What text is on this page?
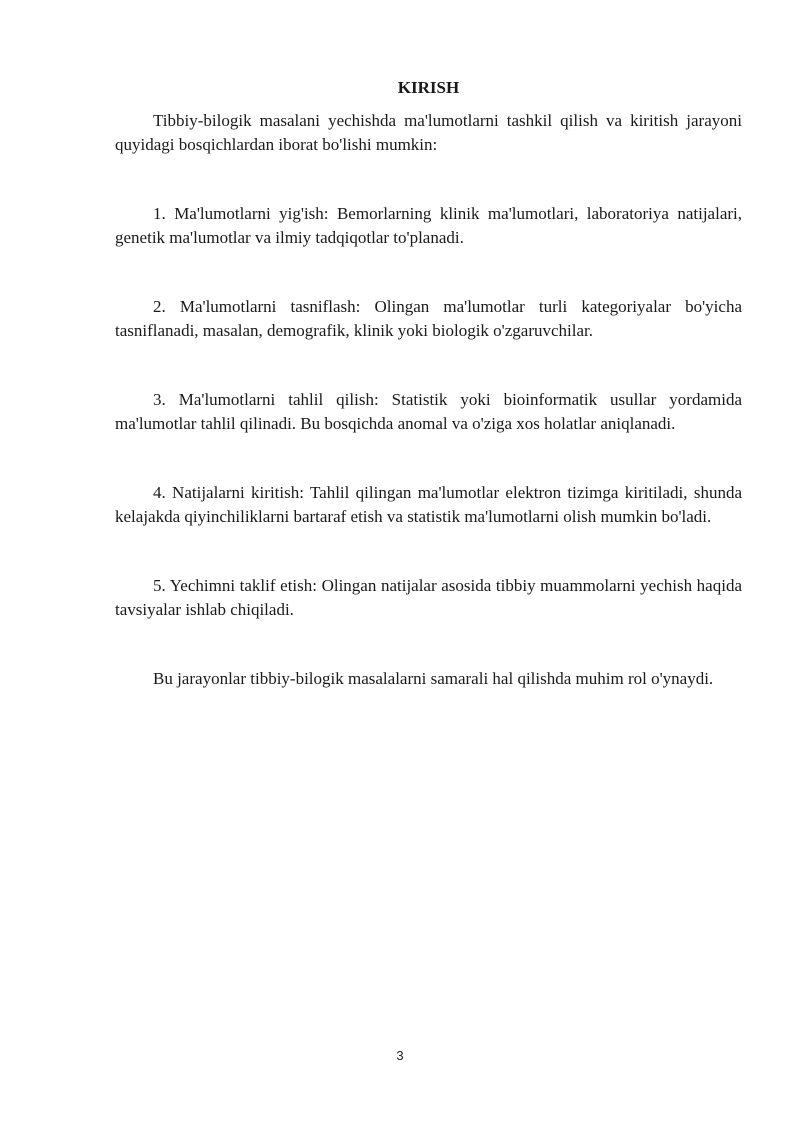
KIRISH

Tibbiy-bilogik masalani yechishda ma'lumotlarni tashkil qilish va kiritish jarayoni quyidagi bosqichlardan iborat bo'lishi mumkin:

1. Ma'lumotlarni yig'ish: Bemorlarning klinik ma'lumotlari, laboratoriya natijalari, genetik ma'lumotlar va ilmiy tadqiqotlar to'planadi.

2. Ma'lumotlarni tasniflash: Olingan ma'lumotlar turli kategoriyalar bo'yicha tasniflanadi, masalan, demografik, klinik yoki biologik o'zgaruvchilar.

3. Ma'lumotlarni tahlil qilish: Statistik yoki bioinformatik usullar yordamida ma'lumotlar tahlil qilinadi. Bu bosqichda anomal va o'ziga xos holatlar aniqlanadi.

4. Natijalarni kiritish: Tahlil qilingan ma'lumotlar elektron tizimga kiritiladi, shunda kelajakda qiyinchiliklarni bartaraf etish va statistik ma'lumotlarni olish mumkin bo'ladi.

5. Yechimni taklif etish: Olingan natijalar asosida tibbiy muammolarni yechish haqida tavsiyalar ishlab chiqiladi.

Bu jarayonlar tibbiy-bilogik masalalarni samarali hal qilishda muhim rol o'ynaydi.

3
